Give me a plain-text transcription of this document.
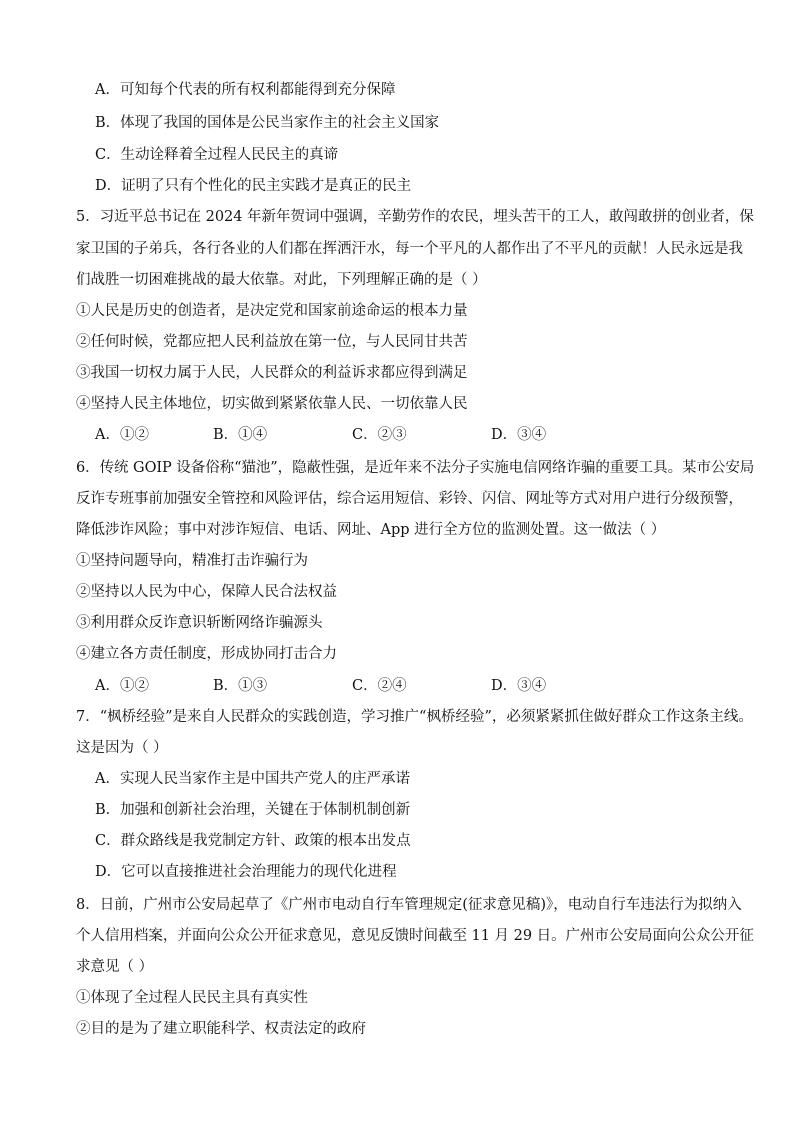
A．可知每个代表的所有权利都能得到充分保障
B．体现了我国的国体是公民当家作主的社会主义国家
C．生动诠释着全过程人民民主的真谛
D．证明了只有个性化的民主实践才是真正的民主
5．习近平总书记在 2024 年新年贺词中强调，辛勤劳作的农民，埋头苦干的工人，敢闯敢拼的创业者，保
家卫国的子弟兵，各行各业的人们都在挥洒汗水，每一个平凡的人都作出了不平凡的贡献！人民永远是我
们战胜一切困难挑战的最大依靠。对此，下列理解正确的是（ ）
①人民是历史的创造者，是决定党和国家前途命运的根本力量
②任何时候，党都应把人民利益放在第一位，与人民同甘共苦
③我国一切权力属于人民，人民群众的利益诉求都应得到满足
④坚持人民主体地位，切实做到紧紧依靠人民、一切依靠人民
A．①②	B．①④	C．②③	D．③④
6．传统 GOIP 设备俗称“猫池”，隐蔽性强，是近年来不法分子实施电信网络诈骗的重要工具。某市公安局
反诈专班事前加强安全管控和风险评估，综合运用短信、彩铃、闪信、网址等方式对用户进行分级预警，
降低涉诈风险；事中对涉诈短信、电话、网址、App 进行全方位的监测处置。这一做法（ ）
①坚持问题导向，精准打击诈骗行为
②坚持以人民为中心，保障人民合法权益
③利用群众反诈意识斩断网络诈骗源头
④建立各方责任制度，形成协同打击合力
A．①②	B．①③	C．②④	D．③④
7．“枫桥经验”是来自人民群众的实践创造，学习推广“枫桥经验”，必须紧紧抓住做好群众工作这条主线。
这是因为（ ）
A．实现人民当家作主是中国共产党人的庄严承诺
B．加强和创新社会治理，关键在于体制机制创新
C．群众路线是我党制定方针、政策的根本出发点
D．它可以直接推进社会治理能力的现代化进程
8．日前，广州市公安局起草了《广州市电动自行车管理规定(征求意见稿)》，电动自行车违法行为拟纳入
个人信用档案，并面向公众公开征求意见，意见反馈时间截至 11 月 29 日。广州市公安局面向公众公开征
求意见（ ）
①体现了全过程人民民主具有真实性
②目的是为了建立职能科学、权责法定的政府
